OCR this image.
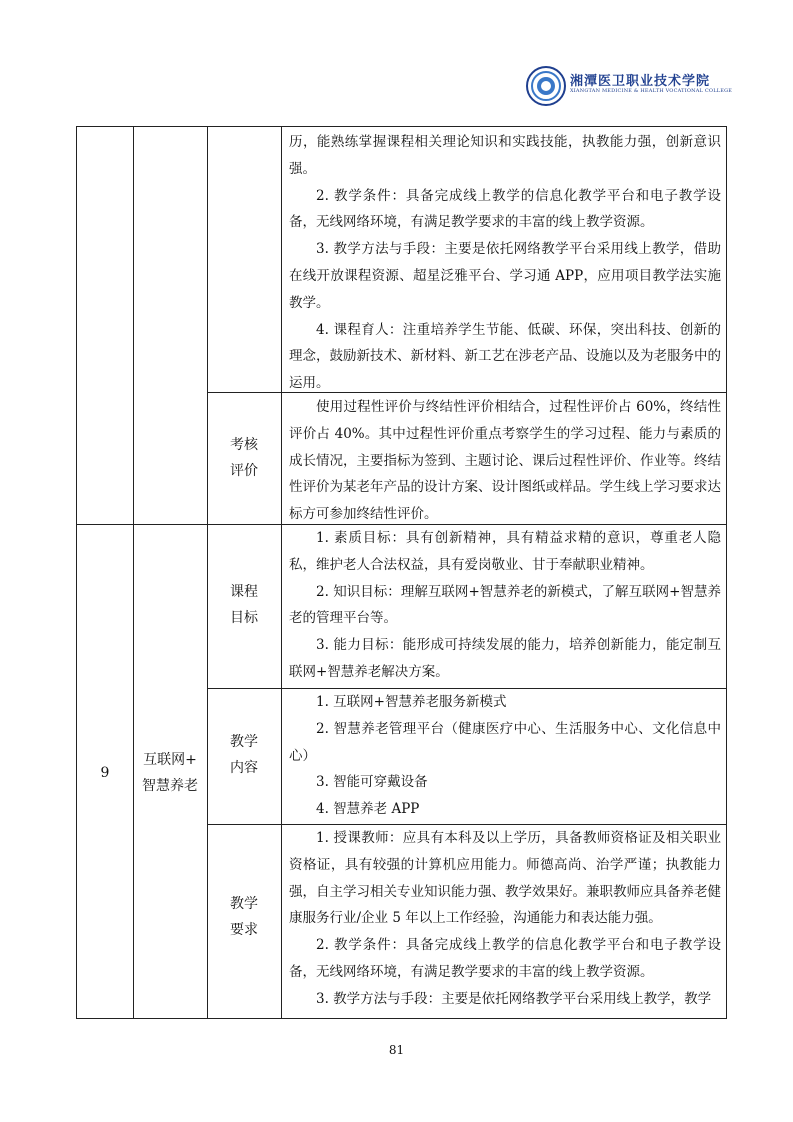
湘潭医卫职业技术学院
XIANGTAN MEDICINE & HEALTH VOCATIONAL COLLEGE

历，能熟练掌握课程相关理论知识和实践技能，执教能力强，创新意识强。

2. 教学条件：具备完成线上教学的信息化教学平台和电子教学设备，无线网络环境，有满足教学要求的丰富的线上教学资源。

3. 教学方法与手段：主要是依托网络教学平台采用线上教学，借助在线开放课程资源、超星泛雅平台、学习通 APP，应用项目教学法实施教学。

4. 课程育人：注重培养学生节能、低碳、环保，突出科技、创新的理念，鼓励新技术、新材料、新工艺在涉老产品、设施以及为老服务中的运用。

考核
评价

使用过程性评价与终结性评价相结合，过程性评价占 60%，终结性评价占 40%。其中过程性评价重点考察学生的学习过程、能力与素质的成长情况，主要指标为签到、主题讨论、课后过程性评价、作业等。终结性评价为某老年产品的设计方案、设计图纸或样品。学生线上学习要求达标方可参加终结性评价。

9
互联网+
智慧养老
课程
目标

1. 素质目标：具有创新精神，具有精益求精的意识，尊重老人隐私，维护老人合法权益，具有爱岗敬业、甘于奉献职业精神。

2. 知识目标：理解互联网+智慧养老的新模式，了解互联网+智慧养老的管理平台等。

3. 能力目标：能形成可持续发展的能力，培养创新能力，能定制互联网+智慧养老解决方案。

教学
内容

1. 互联网+智慧养老服务新模式

2. 智慧养老管理平台（健康医疗中心、生活服务中心、文化信息中心）

3. 智能可穿戴设备

4. 智慧养老 APP

教学
要求

1. 授课教师：应具有本科及以上学历，具备教师资格证及相关职业资格证，具有较强的计算机应用能力。师德高尚、治学严谨；执教能力强，自主学习相关专业知识能力强、教学效果好。兼职教师应具备养老健康服务行业/企业 5 年以上工作经验，沟通能力和表达能力强。

2. 教学条件：具备完成线上教学的信息化教学平台和电子教学设备，无线网络环境，有满足教学要求的丰富的线上教学资源。

3. 教学方法与手段：主要是依托网络教学平台采用线上教学，教学

81
